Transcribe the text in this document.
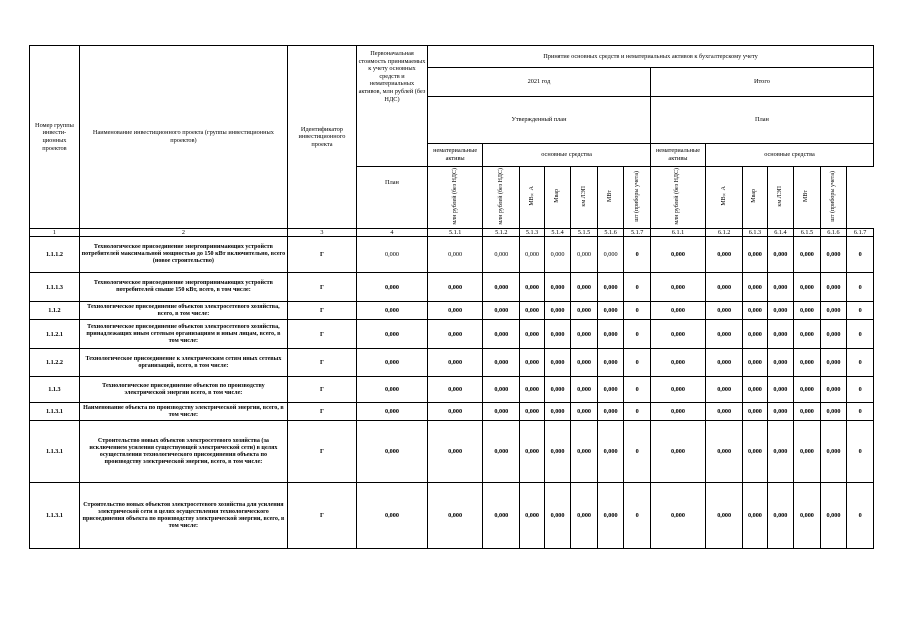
Номер группы инвести-ционных проектов	Наименование инвестиционного проекта (группы инвестиционных проектов)	Идентификатор инвестиционного проекта	Первоначальная стоимость принимаемых к учету основных средств и нематериальных активов, млн рублей (без НДС)	Принятие основных средств и нематериальных активов к бухгалтерскому учету													
				2021 год							Итого						
				Утвержденный план							План						
				нематериальные активы	основные средства						нематериальные активы	основные средства					
			План	млн рублей (без НДС)	млн рублей (без НДС)	МВ×А	Мвар	км ЛЭП	МВт	шт (приборы учета)	млн рублей (без НДС)	МВ×А	Мвар	км ЛЭП	МВт	шт (приборы учета)	
1	2	3	4	5.1.1	5.1.2	5.1.3	5.1.4	5.1.5	5.1.6	5.1.7	6.1.1	6.1.2	6.1.3	6.1.4	6.1.5	6.1.6	6.1.7
1.1.1.2	Технологическое присоединение энергопринимающих устройств потребителей максимальной мощностью до 150 кВт включительно, всего (новое строительство)	Г	0,000	0,000	0,000	0,000	0,000	0,000	0,000	0	0,000	0,000	0,000	0,000	0,000	0,000	0
1.1.1.3	Технологическое присоединение энергопринимающих устройств потребителей свыше 150 кВт, всего, в том числе:	Г	0,000	0,000	0,000	0,000	0,000	0,000	0,000	0	0,000	0,000	0,000	0,000	0,000	0,000	0
1.1.2	Технологическое присоединение объектов электросетевого хозяйства, всего, в том числе:	Г	0,000	0,000	0,000	0,000	0,000	0,000	0,000	0	0,000	0,000	0,000	0,000	0,000	0,000	0
1.1.2.1	Технологическое присоединение объектов электросетевого хозяйства, принадлежащих иным сетевым организациям и иным лицам, всего, в том числе:	Г	0,000	0,000	0,000	0,000	0,000	0,000	0,000	0	0,000	0,000	0,000	0,000	0,000	0,000	0
1.1.2.2	Технологическое присоединение к электрическим сетям иных сетевых организаций, всего, в том числе:	Г	0,000	0,000	0,000	0,000	0,000	0,000	0,000	0	0,000	0,000	0,000	0,000	0,000	0,000	0
1.1.3	Технологическое присоединение объектов по производству электрической энергии всего, в том числе:	Г	0,000	0,000	0,000	0,000	0,000	0,000	0,000	0	0,000	0,000	0,000	0,000	0,000	0,000	0
1.1.3.1	Наименование объекта по производству электрической энергии, всего, в том числе:	Г	0,000	0,000	0,000	0,000	0,000	0,000	0,000	0	0,000	0,000	0,000	0,000	0,000	0,000	0
1.1.3.1	Строительство новых объектов электросетевого хозяйства (за исключением усиления существующей электрической сети) в целях осуществления технологического присоединения объекта по производству электрической энергии, всего, в том числе:	Г	0,000	0,000	0,000	0,000	0,000	0,000	0,000	0	0,000	0,000	0,000	0,000	0,000	0,000	0
1.1.3.1	Строительство новых объектов электросетевого хозяйства для усиления электрической сети в целях осуществления технологического присоединения объекта по производству электрической энергии, всего, в том числе:	Г	0,000	0,000	0,000	0,000	0,000	0,000	0,000	0	0,000	0,000	0,000	0,000	0,000	0,000	0
